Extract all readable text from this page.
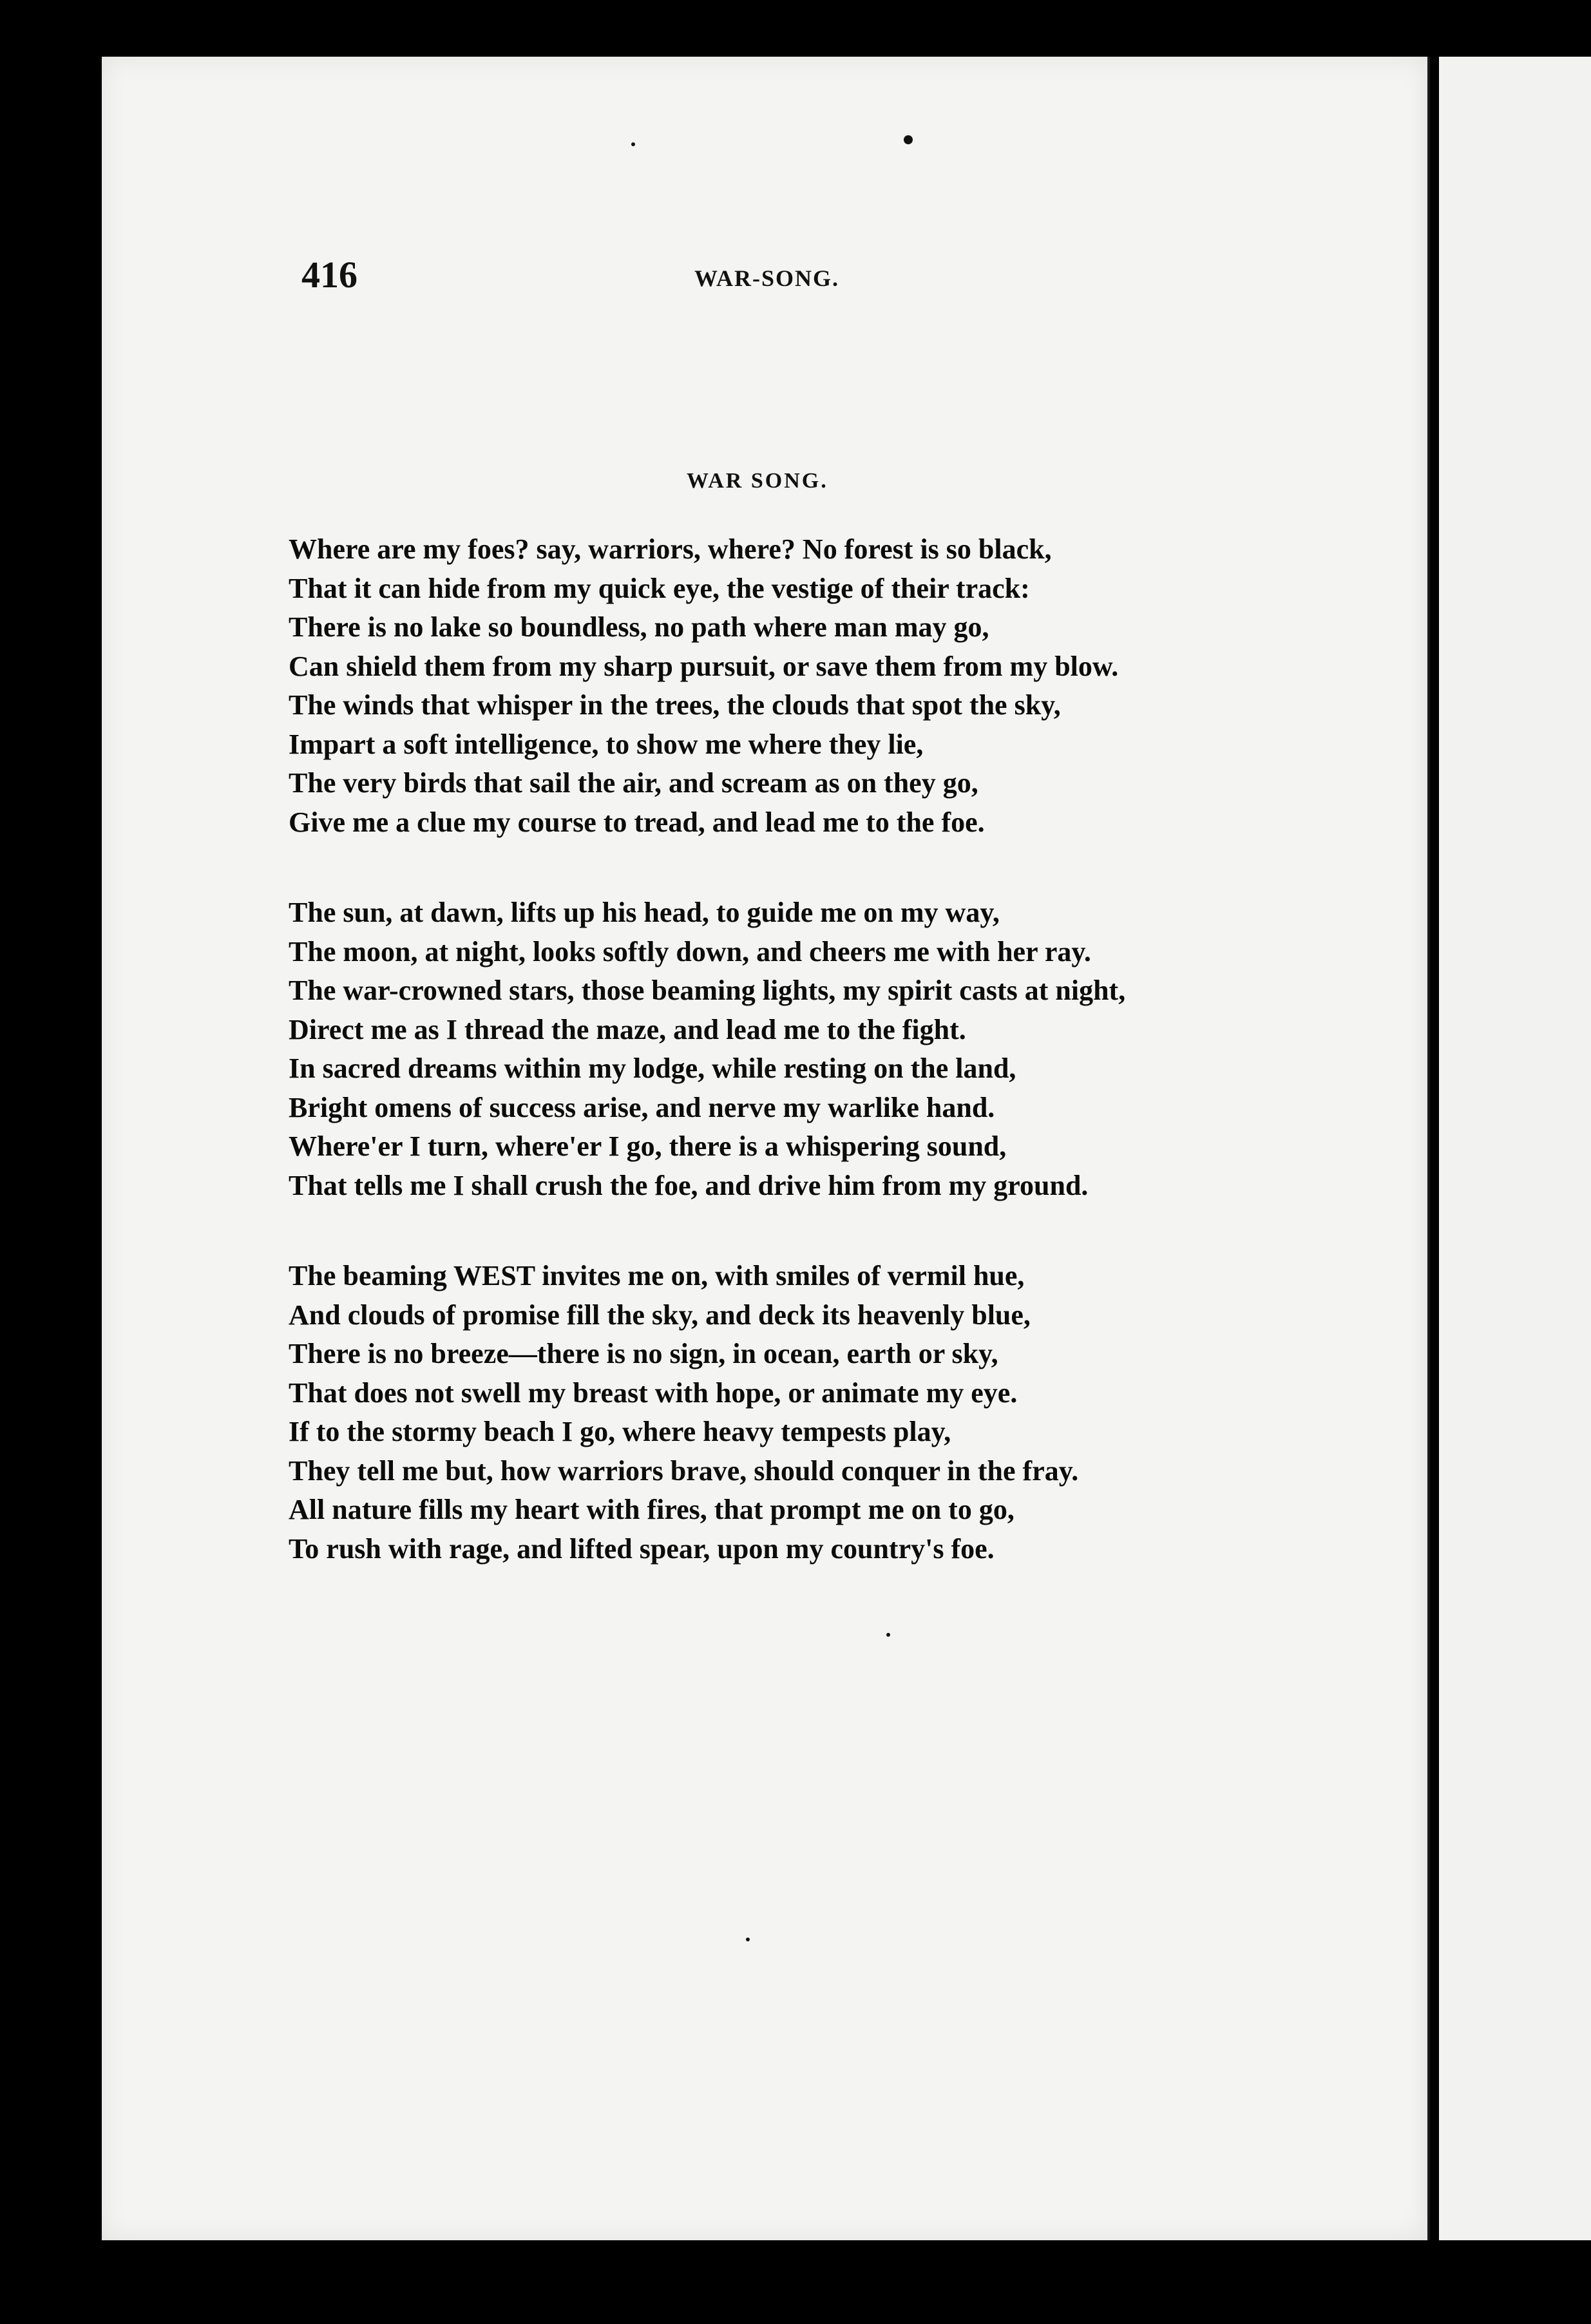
416	WAR-SONG.
WAR SONG.
Where are my foes? say, warriors, where? No forest is so black,
That it can hide from my quick eye, the vestige of their track:
There is no lake so boundless, no path where man may go,
Can shield them from my sharp pursuit, or save them from my blow.
The winds that whisper in the trees, the clouds that spot the sky,
Impart a soft intelligence, to show me where they lie,
The very birds that sail the air, and scream as on they go,
Give me a clue my course to tread, and lead me to the foe.
The sun, at dawn, lifts up his head, to guide me on my way,
The moon, at night, looks softly down, and cheers me with her ray.
The war-crowned stars, those beaming lights, my spirit casts at night,
Direct me as I thread the maze, and lead me to the fight.
In sacred dreams within my lodge, while resting on the land,
Bright omens of success arise, and nerve my warlike hand.
Where'er I turn, where'er I go, there is a whispering sound,
That tells me I shall crush the foe, and drive him from my ground.
The beaming WEST invites me on, with smiles of vermil hue,
And clouds of promise fill the sky, and deck its heavenly blue,
There is no breeze—there is no sign, in ocean, earth or sky,
That does not swell my breast with hope, or animate my eye.
If to the stormy beach I go, where heavy tempests play,
They tell me but, how warriors brave, should conquer in the fray.
All nature fills my heart with fires, that prompt me on to go,
To rush with rage, and lifted spear, upon my country's foe.
